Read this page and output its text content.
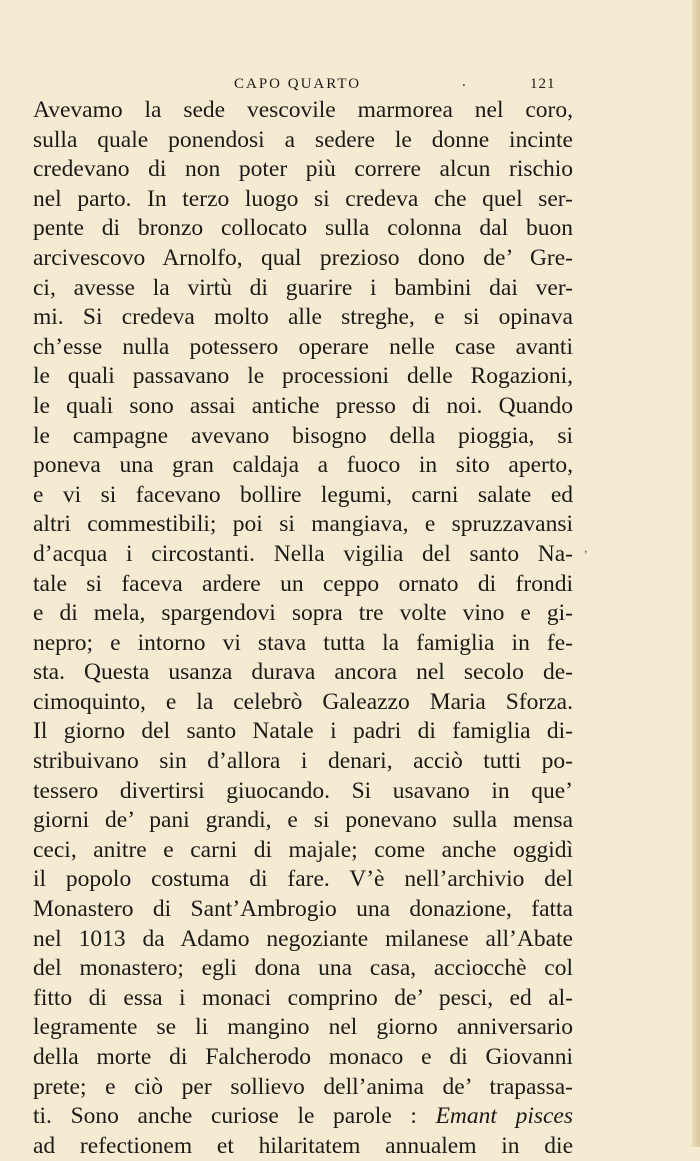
CAPO QUARTO	.	121
Avevamo la sede vescovile marmorea nel coro,
sulla quale ponendosi a sedere le donne incinte
credevano di non poter più correre alcun rischio
nel parto. In terzo luogo si credeva che quel ser-
pente di bronzo collocato sulla colonna dal buon
arcivescovo Arnolfo, qual prezioso dono de’ Gre-
ci, avesse la virtù di guarire i bambini dai ver-
mi. Si credeva molto alle streghe, e si opinava
ch’esse nulla potessero operare nelle case avanti
le quali passavano le processioni delle Rogazioni,
le quali sono assai antiche presso di noi. Quando
le campagne avevano bisogno della pioggia, si
poneva una gran caldaja a fuoco in sito aperto,
e vi si facevano bollire legumi, carni salate ed
altri commestibili; poi si mangiava, e spruzzavansi
d’acqua i circostanti. Nella vigilia del santo Na-
tale si faceva ardere un ceppo ornato di frondi
e di mela, spargendovi sopra tre volte vino e gi-
nepro; e intorno vi stava tutta la famiglia in fe-
sta. Questa usanza durava ancora nel secolo de-
cimoquinto, e la celebrò Galeazzo Maria Sforza.
Il giorno del santo Natale i padri di famiglia di-
stribuivano sin d’allora i denari, acciò tutti po-
tessero divertirsi giuocando. Si usavano in que’
giorni de’ pani grandi, e si ponevano sulla mensa
ceci, anitre e carni di majale; come anche oggidì
il popolo costuma di fare. V’è nell’archivio del
Monastero di Sant’Ambrogio una donazione, fatta
nel 1013 da Adamo negoziante milanese all’Abate
del monastero; egli dona una casa, acciocchè col
fitto di essa i monaci comprino de’ pesci, ed al-
legramente se li mangino nel giorno anniversario
della morte di Falcherodo monaco e di Giovanni
prete; e ciò per sollievo dell’anima de’ trapassa-
ti. Sono anche curiose le parole : Emant pisces
ad refectionem et hilaritatem annualem in die
,
